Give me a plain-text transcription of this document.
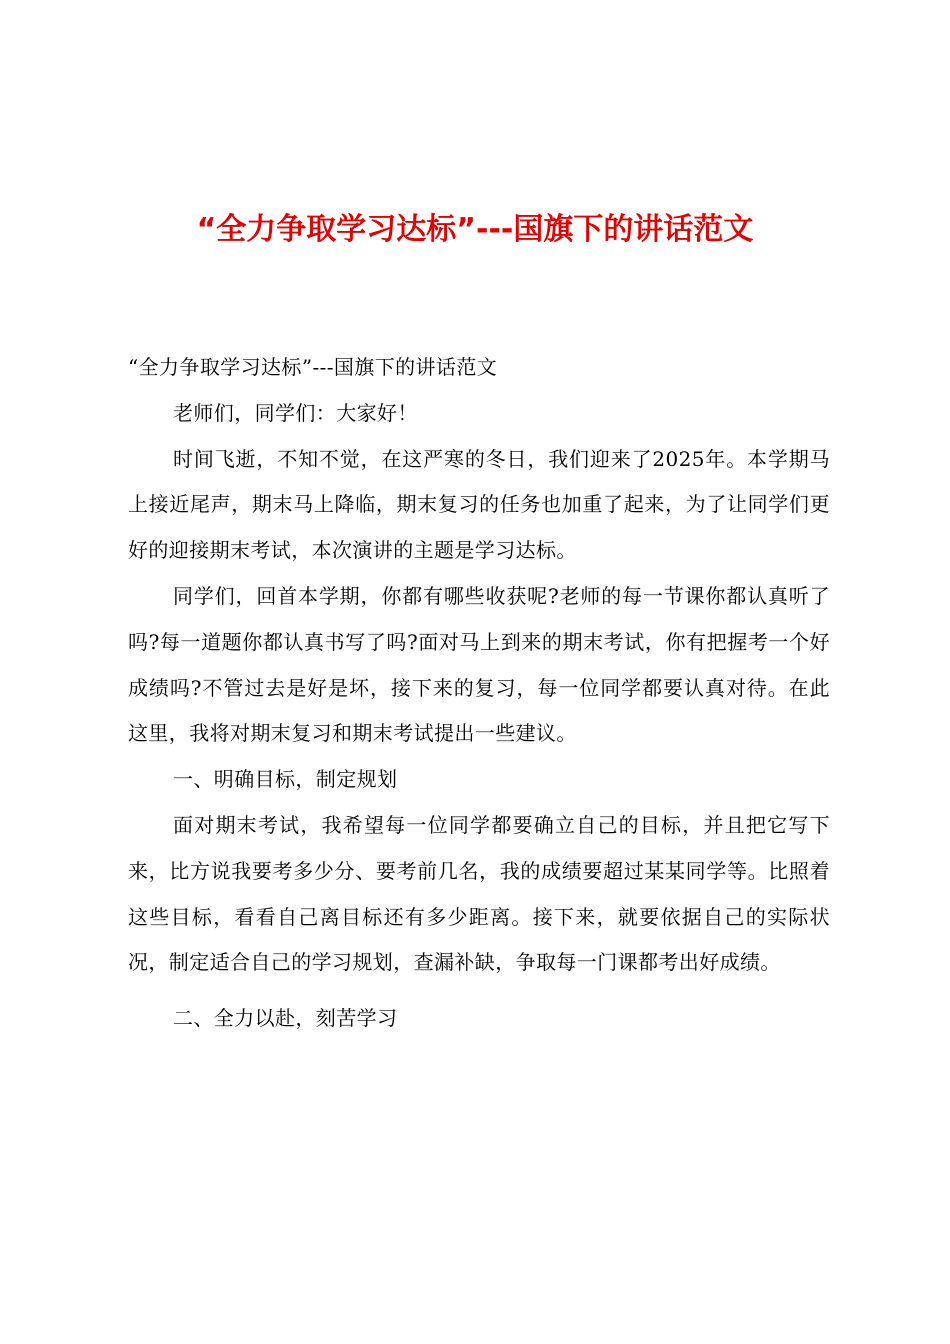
“全力争取学习达标”---国旗下的讲话范文

“全力争取学习达标”---国旗下的讲话范文

老师们，同学们：大家好！

时间飞逝，不知不觉，在这严寒的冬日，我们迎来了2025年。本学期马上接近尾声，期末马上降临，期末复习的任务也加重了起来，为了让同学们更好的迎接期末考试，本次演讲的主题是学习达标。

同学们，回首本学期，你都有哪些收获呢?老师的每一节课你都认真听了吗?每一道题你都认真书写了吗?面对马上到来的期末考试，你有把握考一个好成绩吗?不管过去是好是坏，接下来的复习，每一位同学都要认真对待。在此这里，我将对期末复习和期末考试提出一些建议。

一、明确目标，制定规划

面对期末考试，我希望每一位同学都要确立自己的目标，并且把它写下来，比方说我要考多少分、要考前几名，我的成绩要超过某某同学等。比照着这些目标，看看自己离目标还有多少距离。接下来，就要依据自己的实际状况，制定适合自己的学习规划，查漏补缺，争取每一门课都考出好成绩。

二、全力以赴，刻苦学习
